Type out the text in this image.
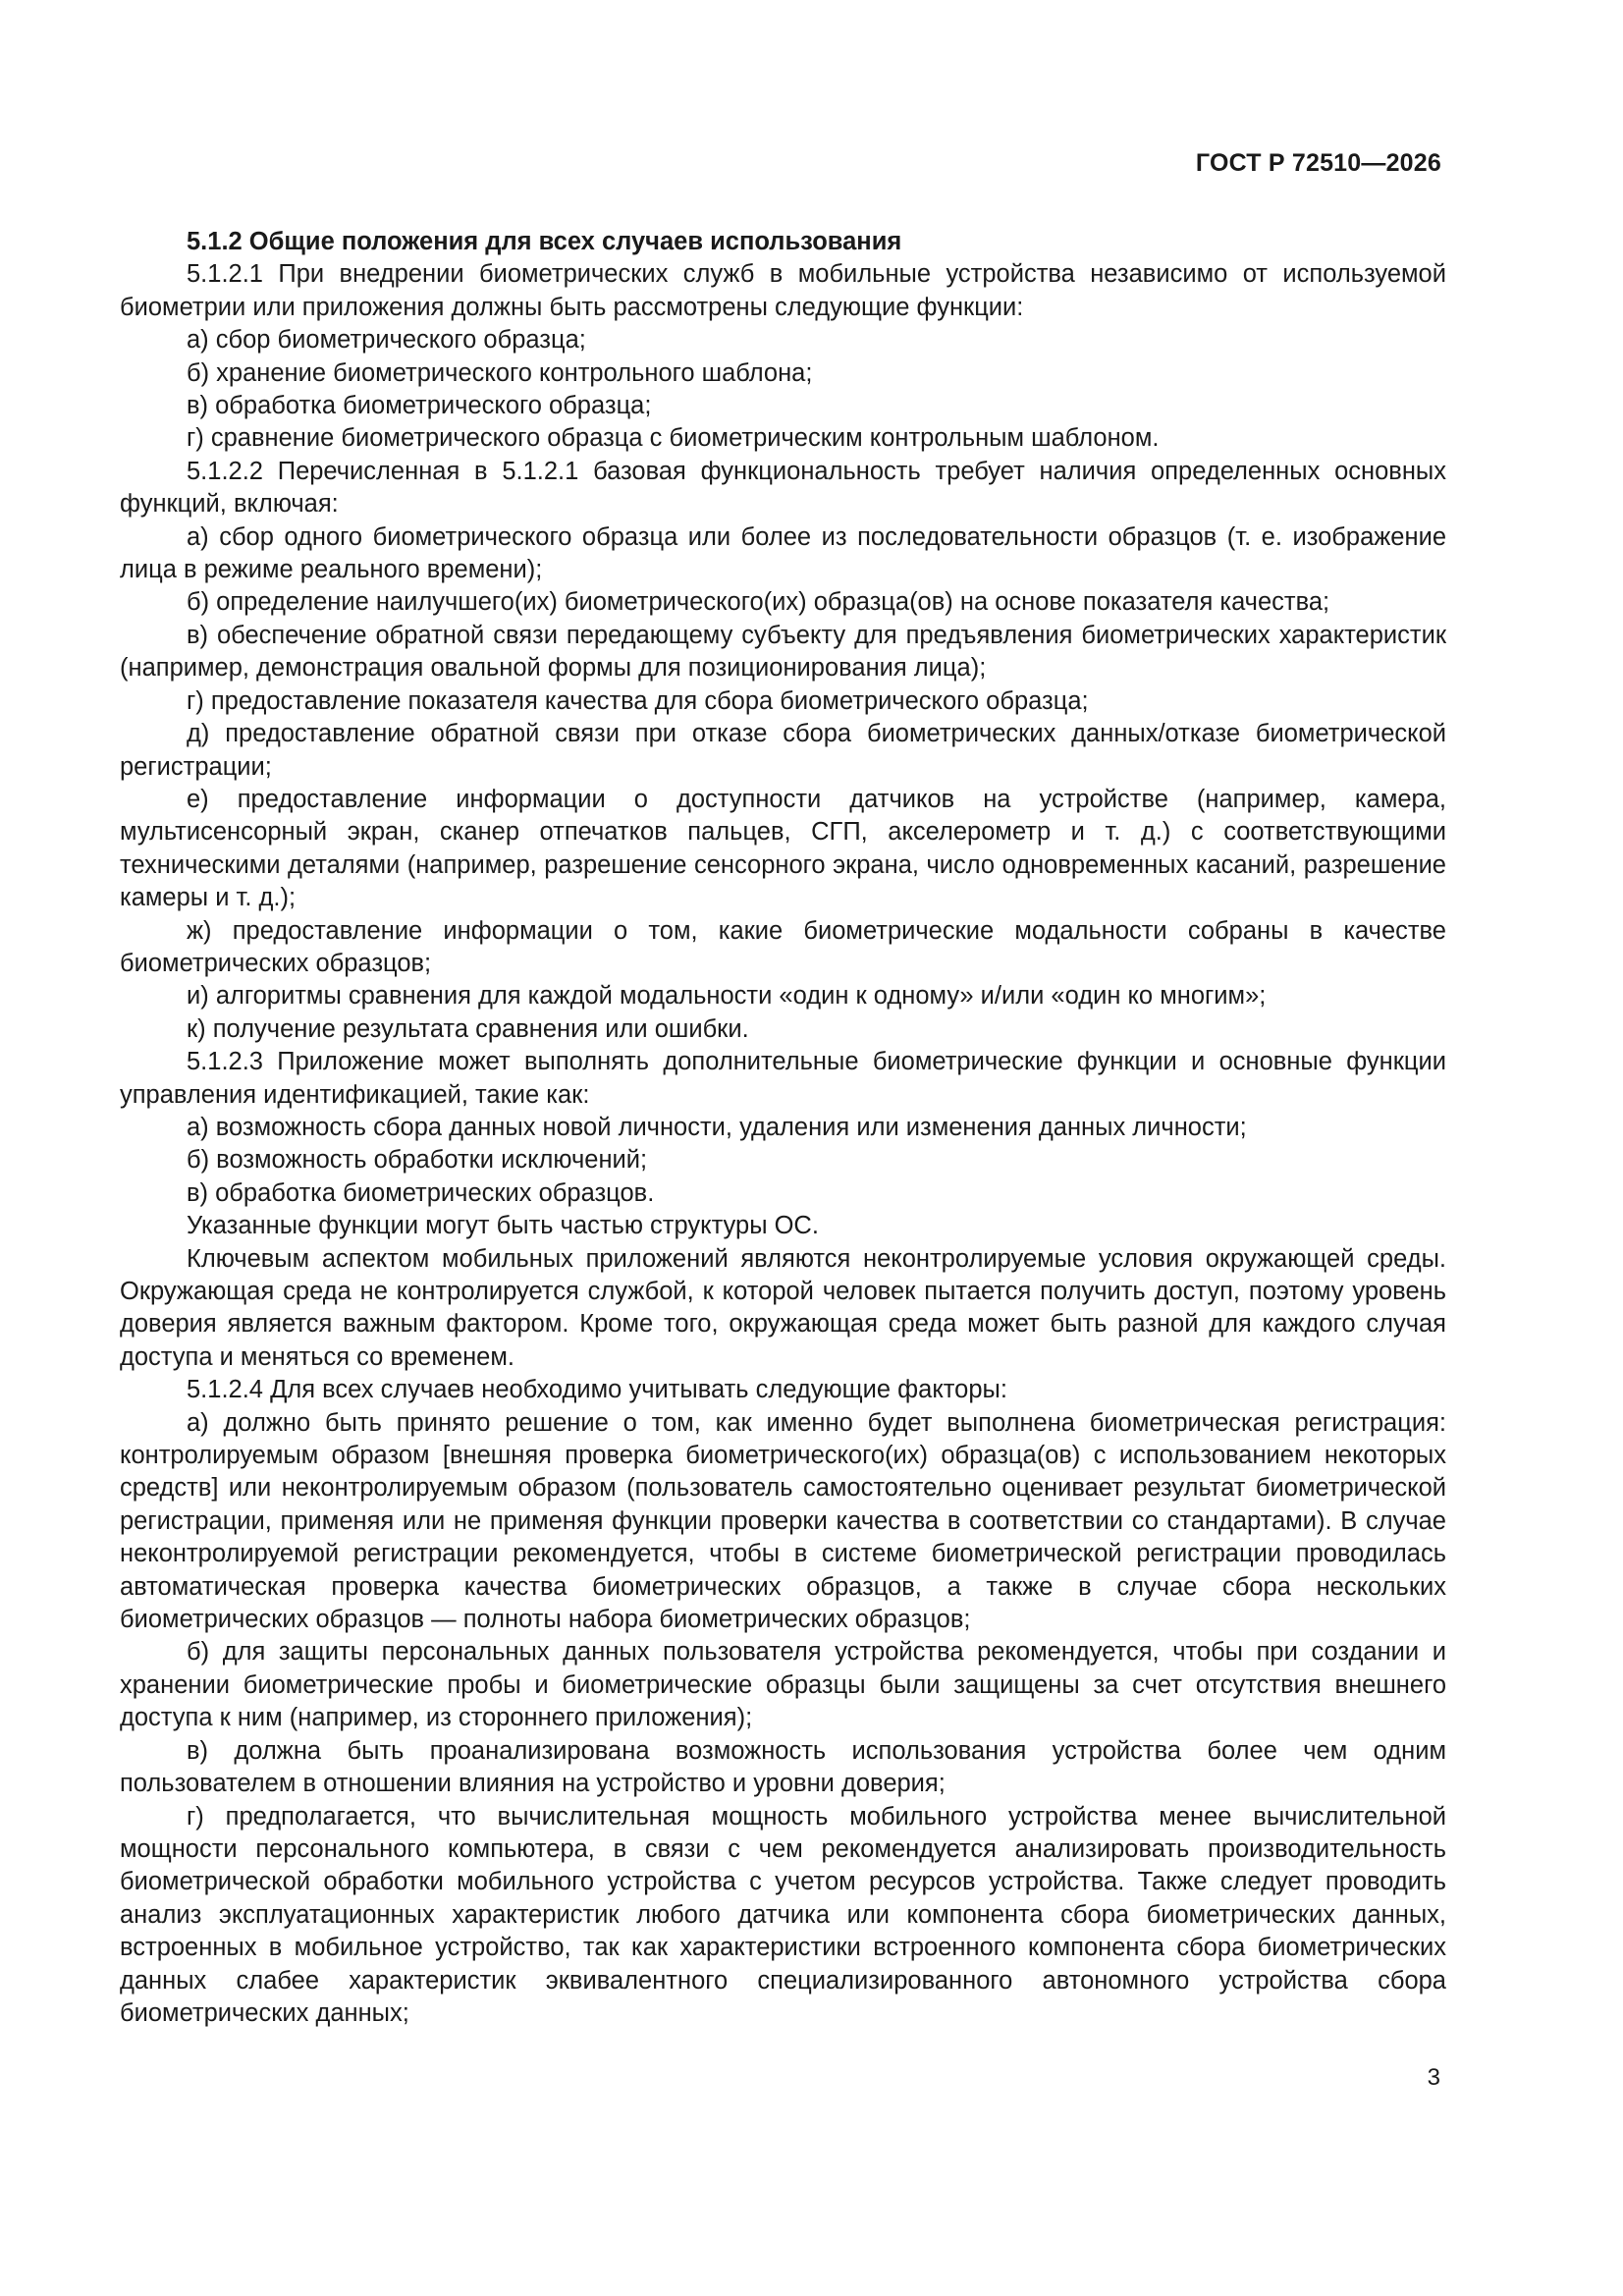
ГОСТ Р 72510—2026
5.1.2 Общие положения для всех случаев использования

5.1.2.1 При внедрении биометрических служб в мобильные устройства независимо от используемой биометрии или приложения должны быть рассмотрены следующие функции:

а) сбор биометрического образца;

б) хранение биометрического контрольного шаблона;

в) обработка биометрического образца;

г) сравнение биометрического образца с биометрическим контрольным шаблоном.

5.1.2.2 Перечисленная в 5.1.2.1 базовая функциональность требует наличия определенных основных функций, включая:

а) сбор одного биометрического образца или более из последовательности образцов (т. е. изображение лица в режиме реального времени);

б) определение наилучшего(их) биометрического(их) образца(ов) на основе показателя качества;

в) обеспечение обратной связи передающему субъекту для предъявления биометрических характеристик (например, демонстрация овальной формы для позиционирования лица);

г) предоставление показателя качества для сбора биометрического образца;

д) предоставление обратной связи при отказе сбора биометрических данных/отказе биометрической регистрации;

е) предоставление информации о доступности датчиков на устройстве (например, камера, мультисенсорный экран, сканер отпечатков пальцев, СГП, акселерометр и т. д.) с соответствующими техническими деталями (например, разрешение сенсорного экрана, число одновременных касаний, разрешение камеры и т. д.);

ж) предоставление информации о том, какие биометрические модальности собраны в качестве биометрических образцов;

и) алгоритмы сравнения для каждой модальности «один к одному» и/или «один ко многим»;

к) получение результата сравнения или ошибки.

5.1.2.3 Приложение может выполнять дополнительные биометрические функции и основные функции управления идентификацией, такие как:

а) возможность сбора данных новой личности, удаления или изменения данных личности;

б) возможность обработки исключений;

в) обработка биометрических образцов.

Указанные функции могут быть частью структуры ОС.

Ключевым аспектом мобильных приложений являются неконтролируемые условия окружающей среды. Окружающая среда не контролируется службой, к которой человек пытается получить доступ, поэтому уровень доверия является важным фактором. Кроме того, окружающая среда может быть разной для каждого случая доступа и меняться со временем.

5.1.2.4 Для всех случаев необходимо учитывать следующие факторы:

а) должно быть принято решение о том, как именно будет выполнена биометрическая регистрация: контролируемым образом [внешняя проверка биометрического(их) образца(ов) с использованием некоторых средств] или неконтролируемым образом (пользователь самостоятельно оценивает результат биометрической регистрации, применяя или не применяя функции проверки качества в соответствии со стандартами). В случае неконтролируемой регистрации рекомендуется, чтобы в системе биометрической регистрации проводилась автоматическая проверка качества биометрических образцов, а также в случае сбора нескольких биометрических образцов — полноты набора биометрических образцов;

б) для защиты персональных данных пользователя устройства рекомендуется, чтобы при создании и хранении биометрические пробы и биометрические образцы были защищены за счет отсутствия внешнего доступа к ним (например, из стороннего приложения);

в) должна быть проанализирована возможность использования устройства более чем одним пользователем в отношении влияния на устройство и уровни доверия;

г) предполагается, что вычислительная мощность мобильного устройства менее вычислительной мощности персонального компьютера, в связи с чем рекомендуется анализировать производительность биометрической обработки мобильного устройства с учетом ресурсов устройства. Также следует проводить анализ эксплуатационных характеристик любого датчика или компонента сбора биометрических данных, встроенных в мобильное устройство, так как характеристики встроенного компонента сбора биометрических данных слабее характеристик эквивалентного специализированного автономного устройства сбора биометрических данных;

3
